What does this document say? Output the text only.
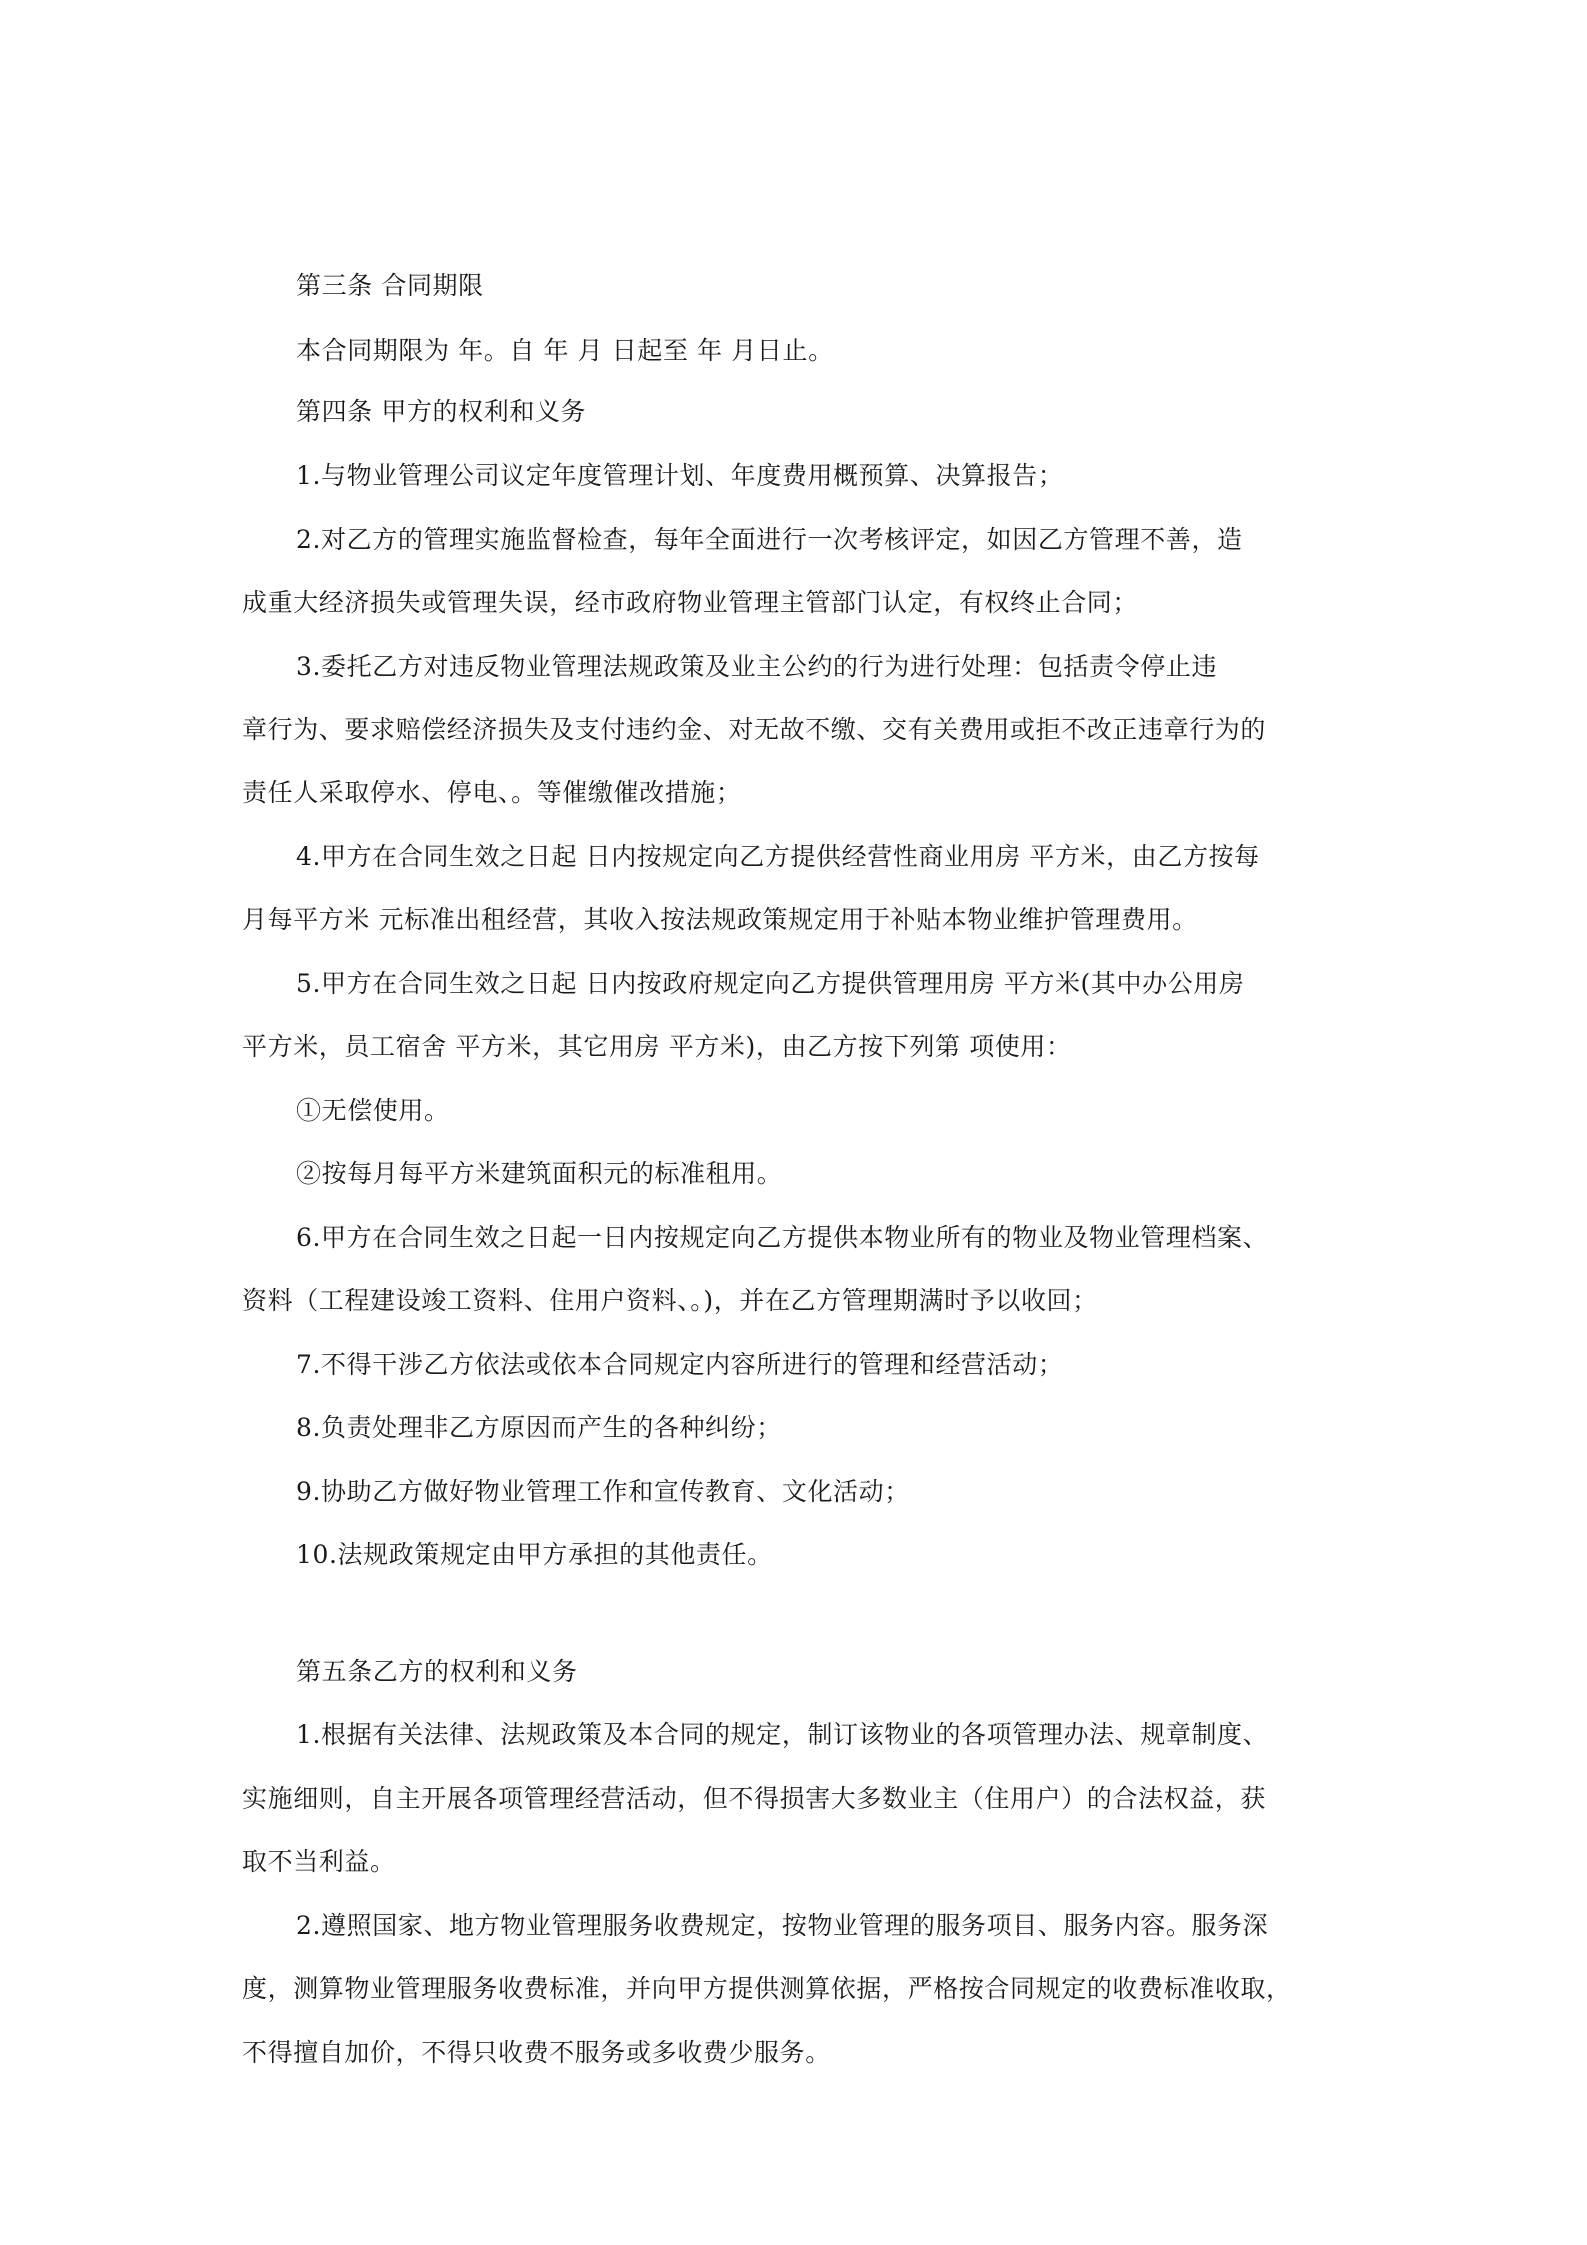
第三条 合同期限
本合同期限为 年。自 年 月 日起至 年 月日止。
第四条 甲方的权利和义务
1.与物业管理公司议定年度管理计划、年度费用概预算、决算报告；
2.对乙方的管理实施监督检查，每年全面进行一次考核评定，如因乙方管理不善，造
成重大经济损失或管理失误，经市政府物业管理主管部门认定，有权终止合同；
3.委托乙方对违反物业管理法规政策及业主公约的行为进行处理：包括责令停止违
章行为、要求赔偿经济损失及支付违约金、对无故不缴、交有关费用或拒不改正违章行为的
责任人采取停水、停电、。等催缴催改措施；
4.甲方在合同生效之日起 日内按规定向乙方提供经营性商业用房 平方米，由乙方按每
月每平方米 元标准出租经营，其收入按法规政策规定用于补贴本物业维护管理费用。
5.甲方在合同生效之日起 日内按政府规定向乙方提供管理用房 平方米(其中办公用房
平方米，员工宿舍 平方米，其它用房 平方米)，由乙方按下列第 项使用：
①无偿使用。
②按每月每平方米建筑面积元的标准租用。
6.甲方在合同生效之日起一日内按规定向乙方提供本物业所有的物业及物业管理档案、
资料（工程建设竣工资料、住用户资料、。)，并在乙方管理期满时予以收回；
7.不得干涉乙方依法或依本合同规定内容所进行的管理和经营活动；
8.负责处理非乙方原因而产生的各种纠纷；
9.协助乙方做好物业管理工作和宣传教育、文化活动；
10.法规政策规定由甲方承担的其他责任。
第五条乙方的权利和义务
1.根据有关法律、法规政策及本合同的规定，制订该物业的各项管理办法、规章制度、
实施细则，自主开展各项管理经营活动，但不得损害大多数业主（住用户）的合法权益，获
取不当利益。
2.遵照国家、地方物业管理服务收费规定，按物业管理的服务项目、服务内容。服务深
度，测算物业管理服务收费标准，并向甲方提供测算依据，严格按合同规定的收费标准收取，
不得擅自加价，不得只收费不服务或多收费少服务。
